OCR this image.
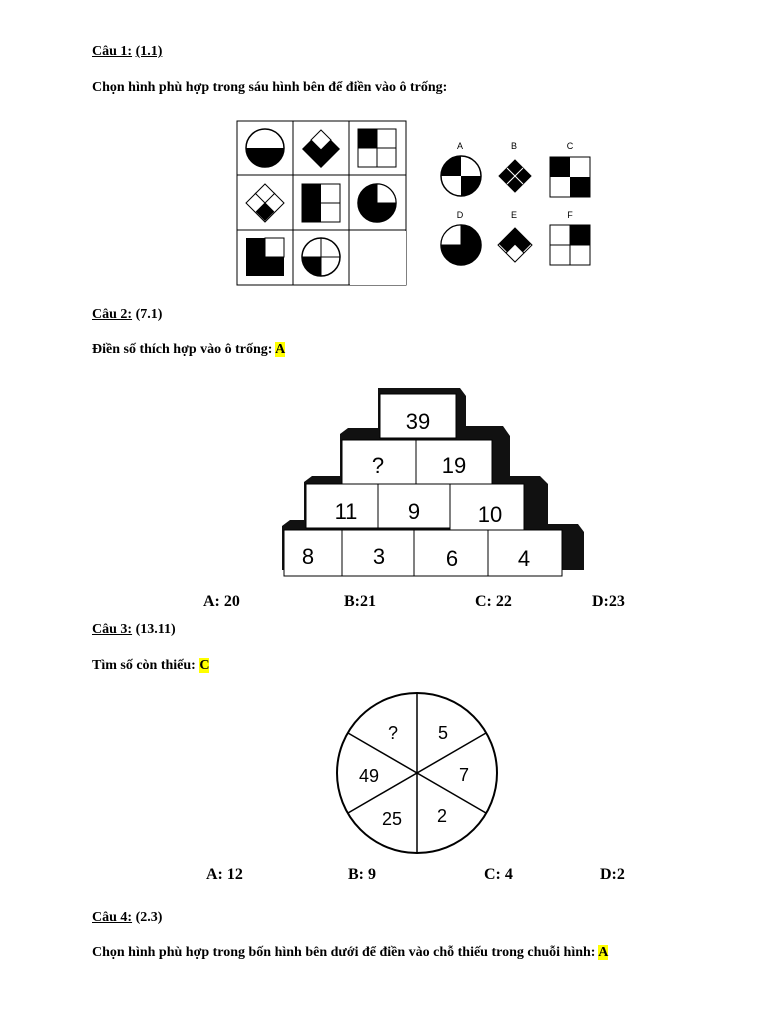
Câu 1: (1.1)
Chọn hình phù hợp trong sáu hình bên để điền vào ô trống:
A	B	C
D	E	F
Câu 2: (7.1)
Điền số thích hợp vào ô trống: A
39
?	19
11 9	10
8	3	6	4
A: 20	B:21	C: 22	D:23
Câu 3: (13.11)
Tìm số còn thiếu: C
? 5
7
2
25
49
A: 12	B: 9	C: 4	D:2
Câu 4: (2.3)
Chọn hình phù hợp trong bốn hình bên dưới để điền vào chỗ thiếu trong chuỗi hình: A
